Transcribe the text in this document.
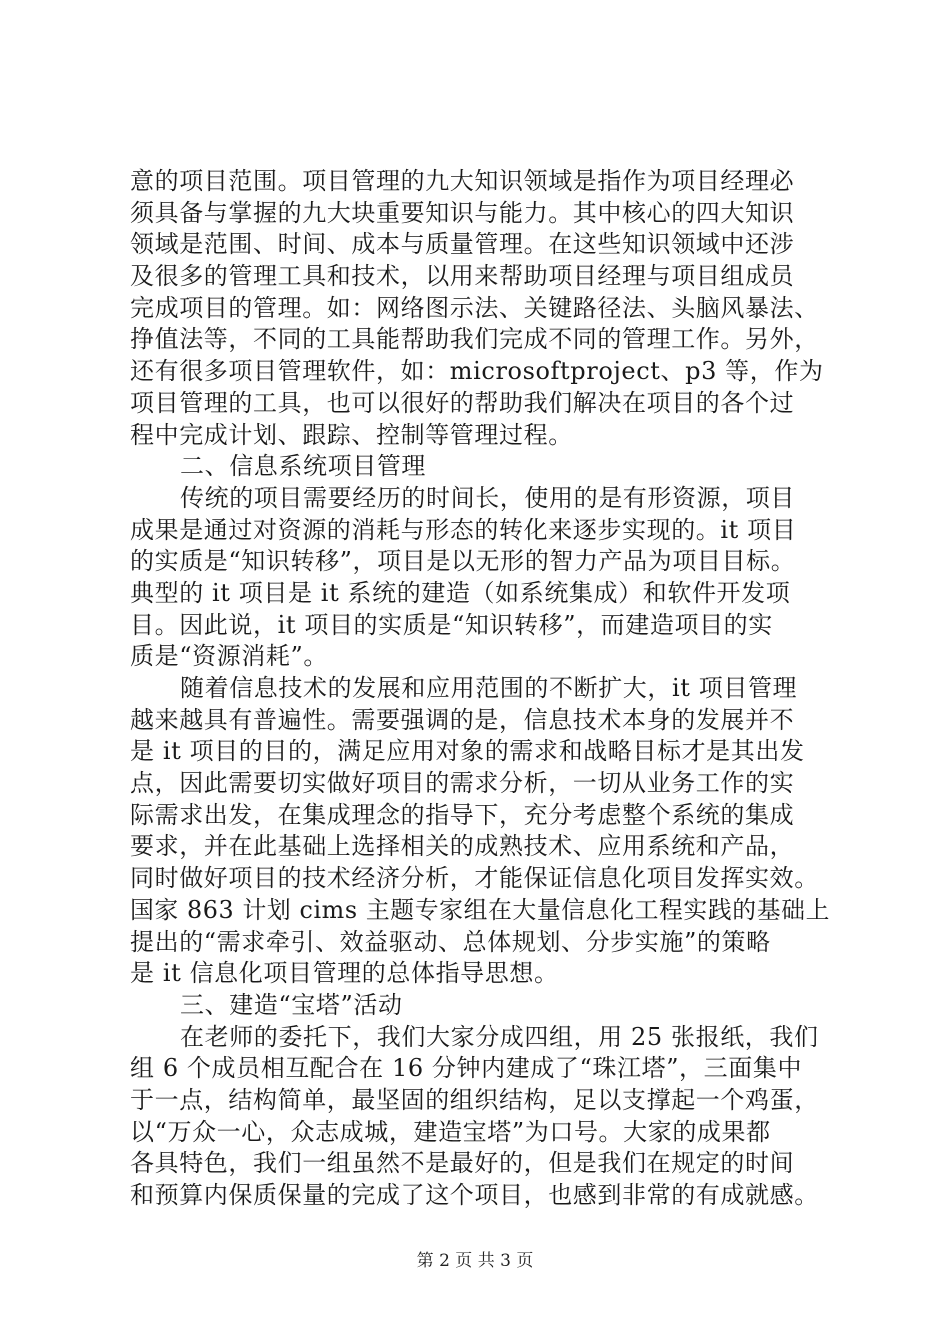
意的项目范围。项目管理的九大知识领域是指作为项目经理必
须具备与掌握的九大块重要知识与能力。其中核心的四大知识
领域是范围、时间、成本与质量管理。在这些知识领域中还涉
及很多的管理工具和技术，以用来帮助项目经理与项目组成员
完成项目的管理。如：网络图示法、关键路径法、头脑风暴法、
挣值法等，不同的工具能帮助我们完成不同的管理工作。另外，
还有很多项目管理软件，如：microsoftproject、p3 等，作为
项目管理的工具，也可以很好的帮助我们解决在项目的各个过
程中完成计划、跟踪、控制等管理过程。
二、信息系统项目管理
传统的项目需要经历的时间长，使用的是有形资源，项目
成果是通过对资源的消耗与形态的转化来逐步实现的。it 项目
的实质是“知识转移”，项目是以无形的智力产品为项目目标。
典型的 it 项目是 it 系统的建造（如系统集成）和软件开发项
目。因此说，it 项目的实质是“知识转移”，而建造项目的实
质是“资源消耗”。
随着信息技术的发展和应用范围的不断扩大，it 项目管理
越来越具有普遍性。需要强调的是，信息技术本身的发展并不
是 it 项目的目的，满足应用对象的需求和战略目标才是其出发
点，因此需要切实做好项目的需求分析，一切从业务工作的实
际需求出发，在集成理念的指导下，充分考虑整个系统的集成
要求，并在此基础上选择相关的成熟技术、应用系统和产品，
同时做好项目的技术经济分析，才能保证信息化项目发挥实效。
国家 863 计划 cims 主题专家组在大量信息化工程实践的基础上
提出的“需求牵引、效益驱动、总体规划、分步实施”的策略
是 it 信息化项目管理的总体指导思想。
三、建造“宝塔”活动
在老师的委托下，我们大家分成四组，用 25 张报纸，我们
组 6 个成员相互配合在 16 分钟内建成了“珠江塔”，三面集中
于一点，结构简单，最坚固的组织结构，足以支撑起一个鸡蛋，
以“万众一心，众志成城，建造宝塔”为口号。大家的成果都
各具特色，我们一组虽然不是最好的，但是我们在规定的时间
和预算内保质保量的完成了这个项目，也感到非常的有成就感。
第 2 页 共 3 页
